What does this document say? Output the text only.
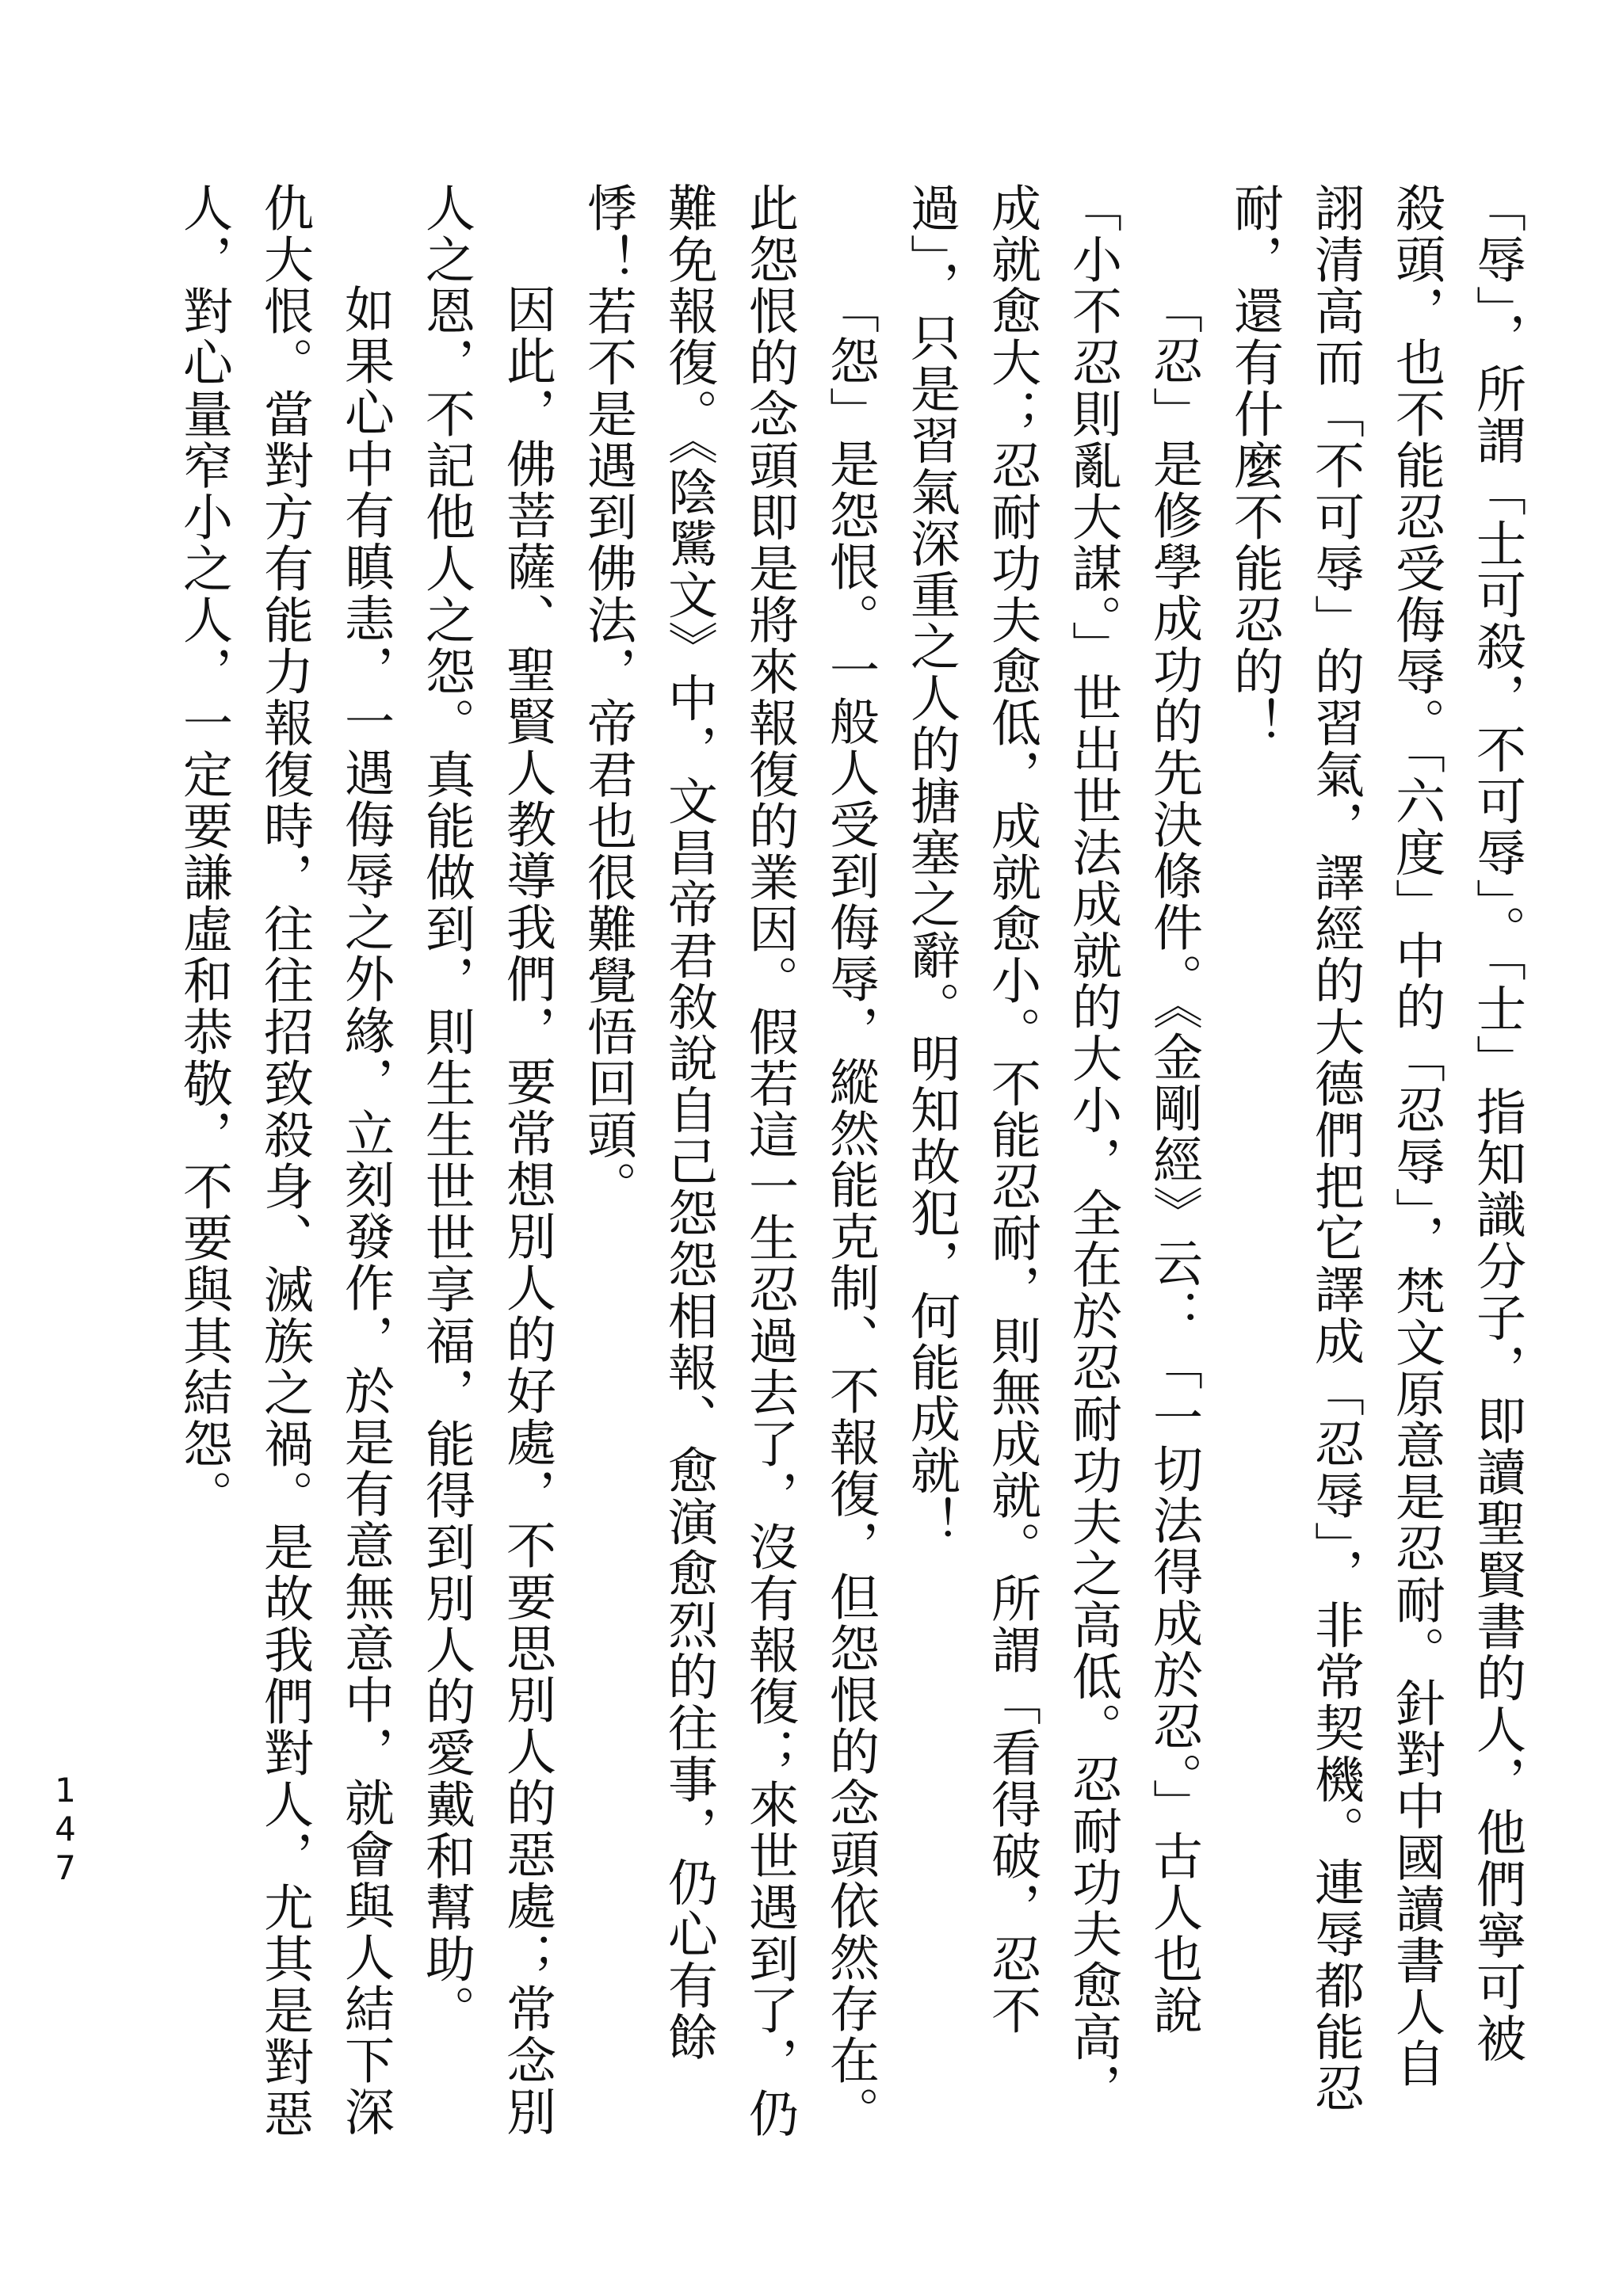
「辱」，所謂「士可殺，不可辱」。「士」指知識分子，即讀聖賢書的人，他們寧可被
殺頭，也不能忍受侮辱。「六度」中的「忍辱」，梵文原意是忍耐。針對中國讀書人自
詡清高而「不可辱」的習氣，譯經的大德們把它譯成「忍辱」，非常契機。連辱都能忍
耐，還有什麼不能忍的！
「忍」是修學成功的先決條件。《金剛經》云：「一切法得成於忍。」古人也說
「小不忍則亂大謀。」世出世法成就的大小，全在於忍耐功夫之高低。忍耐功夫愈高，
成就愈大；忍耐功夫愈低，成就愈小。不能忍耐，則無成就。所謂「看得破，忍不
過」，只是習氣深重之人的搪塞之辭。明知故犯，何能成就！
「怨」是怨恨。一般人受到侮辱，縱然能克制、不報復，但怨恨的念頭依然存在。
此怨恨的念頭即是將來報復的業因。假若這一生忍過去了，沒有報復；來世遇到了，仍
難免報復。《陰騭文》中，文昌帝君敘說自己怨怨相報、愈演愈烈的往事，仍心有餘
悸！若不是遇到佛法，帝君也很難覺悟回頭。
因此，佛菩薩、聖賢人教導我們，要常想別人的好處，不要思別人的惡處；常念別
人之恩，不記他人之怨。真能做到，則生生世世享福，能得到別人的愛戴和幫助。
如果心中有瞋恚，一遇侮辱之外緣，立刻發作，於是有意無意中，就會與人結下深
仇大恨。當對方有能力報復時，往往招致殺身、滅族之禍。是故我們對人，尤其是對惡
人，對心量窄小之人，一定要謙虛和恭敬，不要與其結怨。
147
